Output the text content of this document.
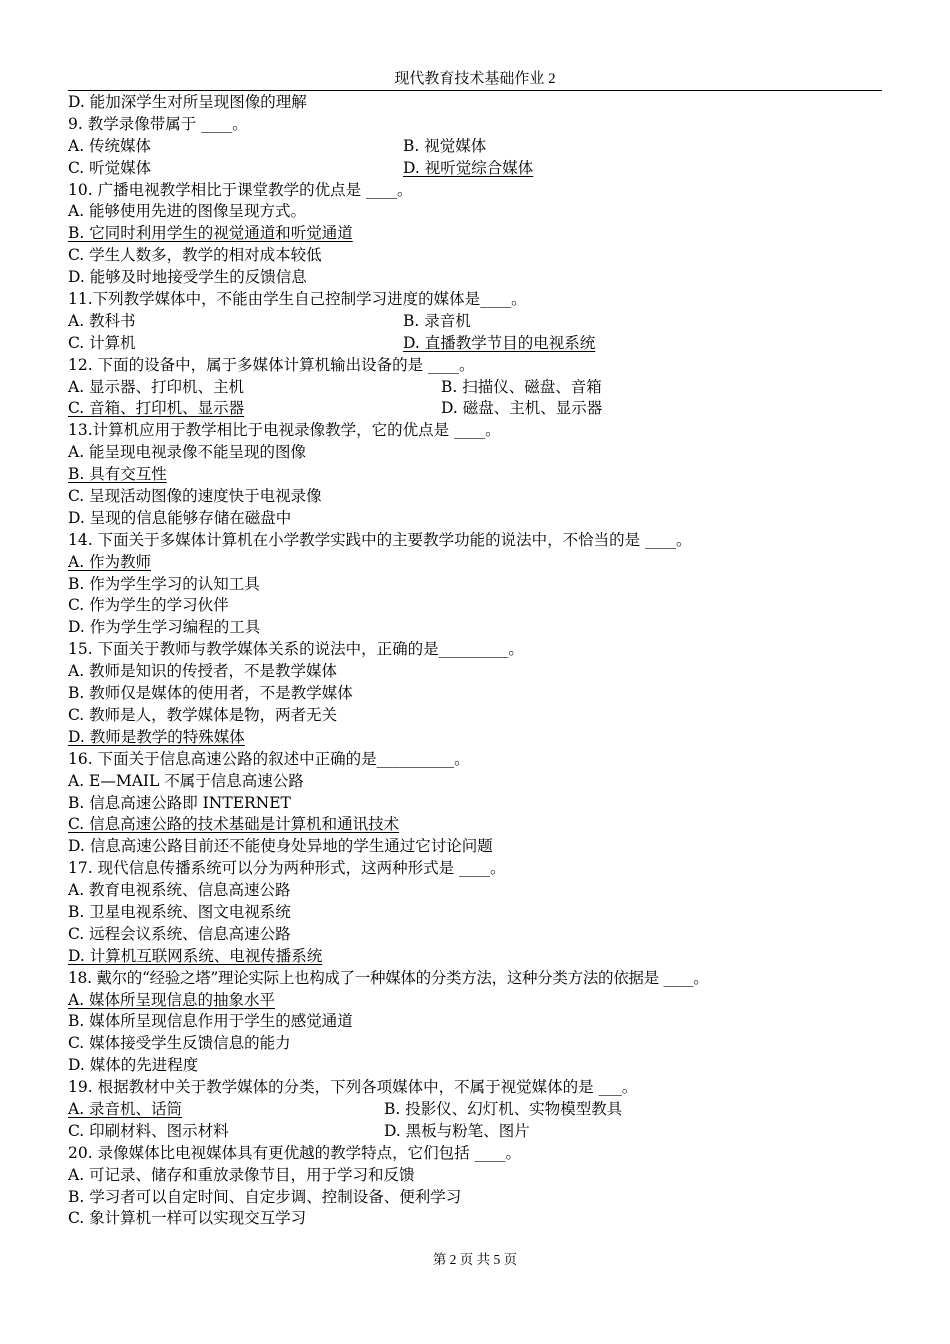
现代教育技术基础作业 2
D. 能加深学生对所呈现图像的理解
9. 教学录像带属于 ____。
A. 传统媒体	B. 视觉媒体
C. 听觉媒体	D. 视听觉综合媒体
10. 广播电视教学相比于课堂教学的优点是 ____。
A. 能够使用先进的图像呈现方式。
B. 它同时利用学生的视觉通道和听觉通道
C. 学生人数多，教学的相对成本较低
D. 能够及时地接受学生的反馈信息
11.下列教学媒体中，不能由学生自己控制学习进度的媒体是____。
A. 教科书	B. 录音机
C. 计算机	D. 直播教学节目的电视系统
12. 下面的设备中，属于多媒体计算机输出设备的是 ____。
A. 显示器、打印机、主机	B. 扫描仪、磁盘、音箱
C. 音箱、打印机、显示器	D. 磁盘、主机、显示器
13.计算机应用于教学相比于电视录像教学，它的优点是 ____。
A. 能呈现电视录像不能呈现的图像
B. 具有交互性
C. 呈现活动图像的速度快于电视录像
D. 呈现的信息能够存储在磁盘中
14. 下面关于多媒体计算机在小学教学实践中的主要教学功能的说法中，不恰当的是 ____。
A. 作为教师
B. 作为学生学习的认知工具
C. 作为学生的学习伙伴
D. 作为学生学习编程的工具
15. 下面关于教师与教学媒体关系的说法中，正确的是_________。
A. 教师是知识的传授者，不是教学媒体
B. 教师仅是媒体的使用者，不是教学媒体
C. 教师是人，教学媒体是物，两者无关
D. 教师是教学的特殊媒体
16. 下面关于信息高速公路的叙述中正确的是__________。
A. E—MAIL 不属于信息高速公路
B. 信息高速公路即 INTERNET
C. 信息高速公路的技术基础是计算机和通讯技术
D. 信息高速公路目前还不能使身处异地的学生通过它讨论问题
17. 现代信息传播系统可以分为两种形式，这两种形式是 ____。
A. 教育电视系统、信息高速公路
B. 卫星电视系统、图文电视系统
C. 远程会议系统、信息高速公路
D. 计算机互联网系统、电视传播系统
18. 戴尔的“经验之塔”理论实际上也构成了一种媒体的分类方法，这种分类方法的依据是 ____。
A. 媒体所呈现信息的抽象水平
B. 媒体所呈现信息作用于学生的感觉通道
C. 媒体接受学生反馈信息的能力
D. 媒体的先进程度
19. 根据教材中关于教学媒体的分类，下列各项媒体中，不属于视觉媒体的是 ___。
A. 录音机、话筒	B. 投影仪、幻灯机、实物模型教具
C. 印刷材料、图示材料	D. 黑板与粉笔、图片
20. 录像媒体比电视媒体具有更优越的教学特点，它们包括 ____。
A. 可记录、储存和重放录像节目，用于学习和反馈
B. 学习者可以自定时间、自定步调、控制设备、便利学习
C. 象计算机一样可以实现交互学习
第 2 页 共 5 页
